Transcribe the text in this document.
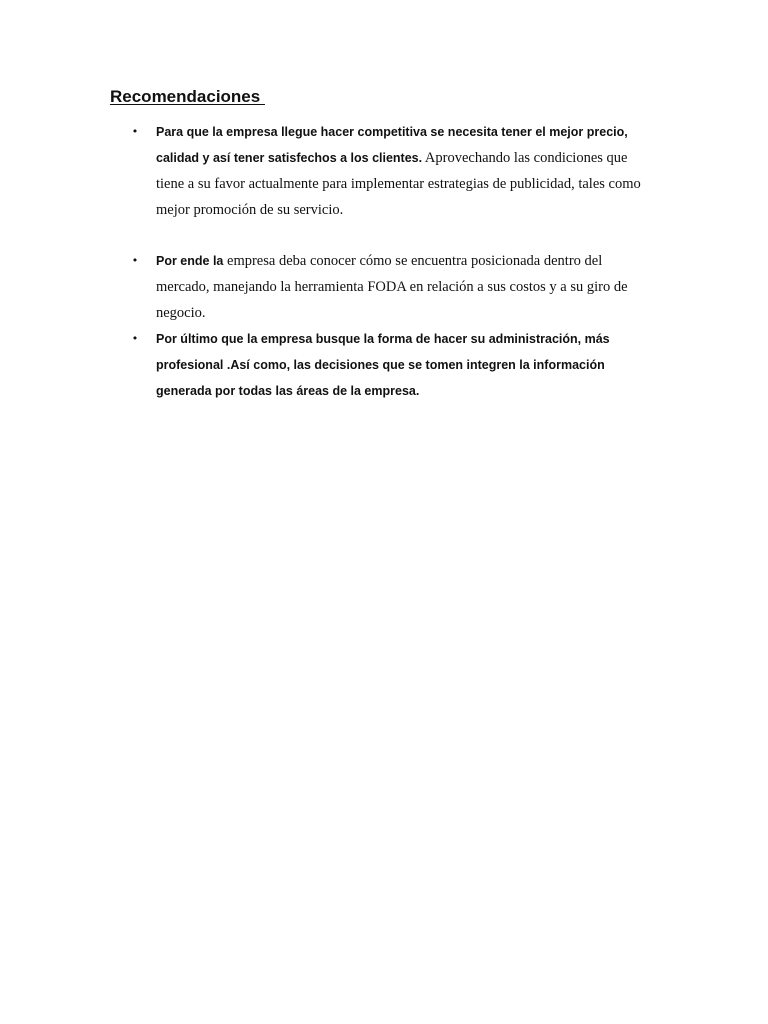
Recomendaciones
• Para que la empresa llegue hacer competitiva se necesita tener el mejor precio, calidad y así tener satisfechos a los clientes. Aprovechando las condiciones que tiene a su favor actualmente para implementar estrategias de publicidad, tales como mejor promoción de su servicio.
• Por ende la empresa deba conocer cómo se encuentra posicionada dentro del mercado, manejando la herramienta FODA en relación a sus costos y a su giro de negocio.
• Por último que la empresa busque la forma de hacer su administración, más profesional .Así como, las decisiones que se tomen integren la información generada por todas las áreas de la empresa.
